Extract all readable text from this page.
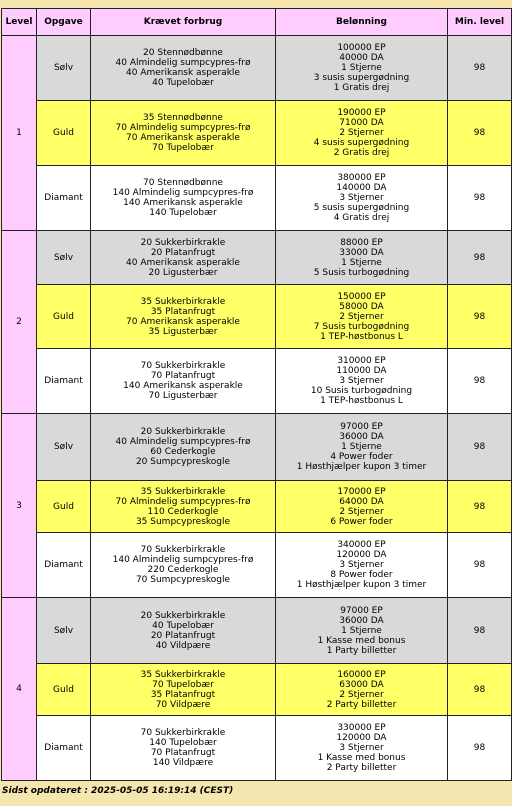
Level	Opgave	Krævet forbrug	Belønning	Min. level
1	Sølv	20 Stennødbønne
40 Almindelig sumpcypres-frø
40 Amerikansk asperakle
40 Tupelobær	100000 EP
40000 DA
1 Stjerne
3 susis supergødning
1 Gratis drej	98
	Guld	35 Stennødbønne
70 Almindelig sumpcypres-frø
70 Amerikansk asperakle
70 Tupelobær	190000 EP
71000 DA
2 Stjerner
4 susis supergødning
2 Gratis drej	98
	Diamant	70 Stennødbønne
140 Almindelig sumpcypres-frø
140 Amerikansk asperakle
140 Tupelobær	380000 EP
140000 DA
3 Stjerner
5 susis supergødning
4 Gratis drej	98
2	Sølv	20 Sukkerbirkrakle
20 Platanfrugt
40 Amerikansk asperakle
20 Ligusterbær	88000 EP
33000 DA
1 Stjerne
5 Susis turbogødning	98
	Guld	35 Sukkerbirkrakle
35 Platanfrugt
70 Amerikansk asperakle
35 Ligusterbær	150000 EP
58000 DA
2 Stjerner
7 Susis turbogødning
1 TEP-høstbonus L	98
	Diamant	70 Sukkerbirkrakle
70 Platanfrugt
140 Amerikansk asperakle
70 Ligusterbær	310000 EP
110000 DA
3 Stjerner
10 Susis turbogødning
1 TEP-høstbonus L	98
3	Sølv	20 Sukkerbirkrakle
40 Almindelig sumpcypres-frø
60 Cederkogle
20 Sumpcypreskogle	97000 EP
36000 DA
1 Stjerne
4 Power foder
1 Høsthjælper kupon 3 timer	98
	Guld	35 Sukkerbirkrakle
70 Almindelig sumpcypres-frø
110 Cederkogle
35 Sumpcypreskogle	170000 EP
64000 DA
2 Stjerner
6 Power foder	98
	Diamant	70 Sukkerbirkrakle
140 Almindelig sumpcypres-frø
220 Cederkogle
70 Sumpcypreskogle	340000 EP
120000 DA
3 Stjerner
8 Power foder
1 Høsthjælper kupon 3 timer	98
4	Sølv	20 Sukkerbirkrakle
40 Tupelobær
20 Platanfrugt
40 Vildpære	97000 EP
36000 DA
1 Stjerne
1 Kasse med bonus
1 Party billetter	98
	Guld	35 Sukkerbirkrakle
70 Tupelobær
35 Platanfrugt
70 Vildpære	160000 EP
63000 DA
2 Stjerner
2 Party billetter	98
	Diamant	70 Sukkerbirkrakle
140 Tupelobær
70 Platanfrugt
140 Vildpære	330000 EP
120000 DA
3 Stjerner
1 Kasse med bonus
2 Party billetter	98
Sidst opdateret : 2025-05-05 16:19:14 (CEST)
